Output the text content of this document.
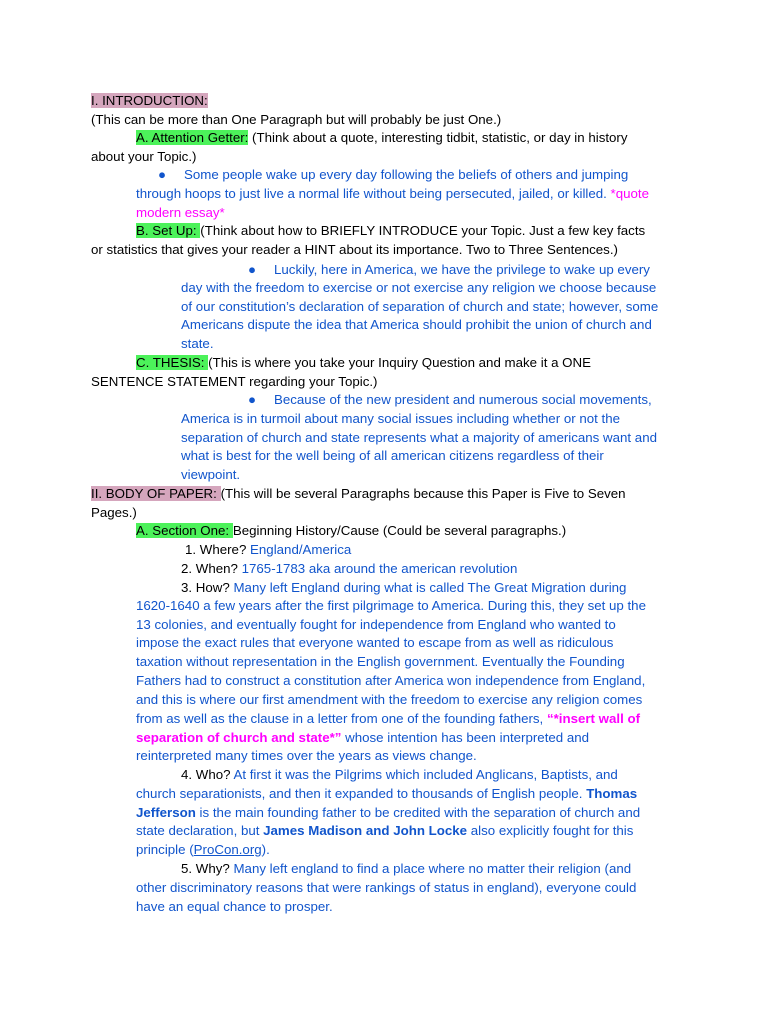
I. INTRODUCTION:
(This can be more than One Paragraph but will probably be just One.)
A. Attention Getter: (Think about a quote, interesting tidbit, statistic, or day in history
about your Topic.)
● Some people wake up every day following the beliefs of others and jumping
through hoops to just live a normal life without being persecuted, jailed, or killed. *quote
modern essay*
B. Set Up: (Think about how to BRIEFLY INTRODUCE your Topic. Just a few key facts
or statistics that gives your reader a HINT about its importance. Two to Three Sentences.)
● Luckily, here in America, we have the privilege to wake up every
day with the freedom to exercise or not exercise any religion we choose because
of our constitution’s declaration of separation of church and state; however, some
Americans dispute the idea that America should prohibit the union of church and
state.
C. THESIS: (This is where you take your Inquiry Question and make it a ONE
SENTENCE STATEMENT regarding your Topic.)
● Because of the new president and numerous social movements,
America is in turmoil about many social issues including whether or not the
separation of church and state represents what a majority of americans want and
what is best for the well being of all american citizens regardless of their
viewpoint.
II. BODY OF PAPER: (This will be several Paragraphs because this Paper is Five to Seven
Pages.)
A. Section One: Beginning History/Cause (Could be several paragraphs.)
1. Where? England/America
2. When? 1765-1783 aka around the american revolution
3. How? Many left England during what is called The Great Migration during
1620-1640 a few years after the first pilgrimage to America. During this, they set up the
13 colonies, and eventually fought for independence from England who wanted to
impose the exact rules that everyone wanted to escape from as well as ridiculous
taxation without representation in the English government. Eventually the Founding
Fathers had to construct a constitution after America won independence from England,
and this is where our first amendment with the freedom to exercise any religion comes
from as well as the clause in a letter from one of the founding fathers, “*insert wall of
separation of church and state*” whose intention has been interpreted and
reinterpreted many times over the years as views change.
4. Who? At first it was the Pilgrims which included Anglicans, Baptists, and
church separationists, and then it expanded to thousands of English people. Thomas
Jefferson is the main founding father to be credited with the separation of church and
state declaration, but James Madison and John Locke also explicitly fought for this
principle (ProCon.org).
5. Why? Many left england to find a place where no matter their religion (and
other discriminatory reasons that were rankings of status in england), everyone could
have an equal chance to prosper.
